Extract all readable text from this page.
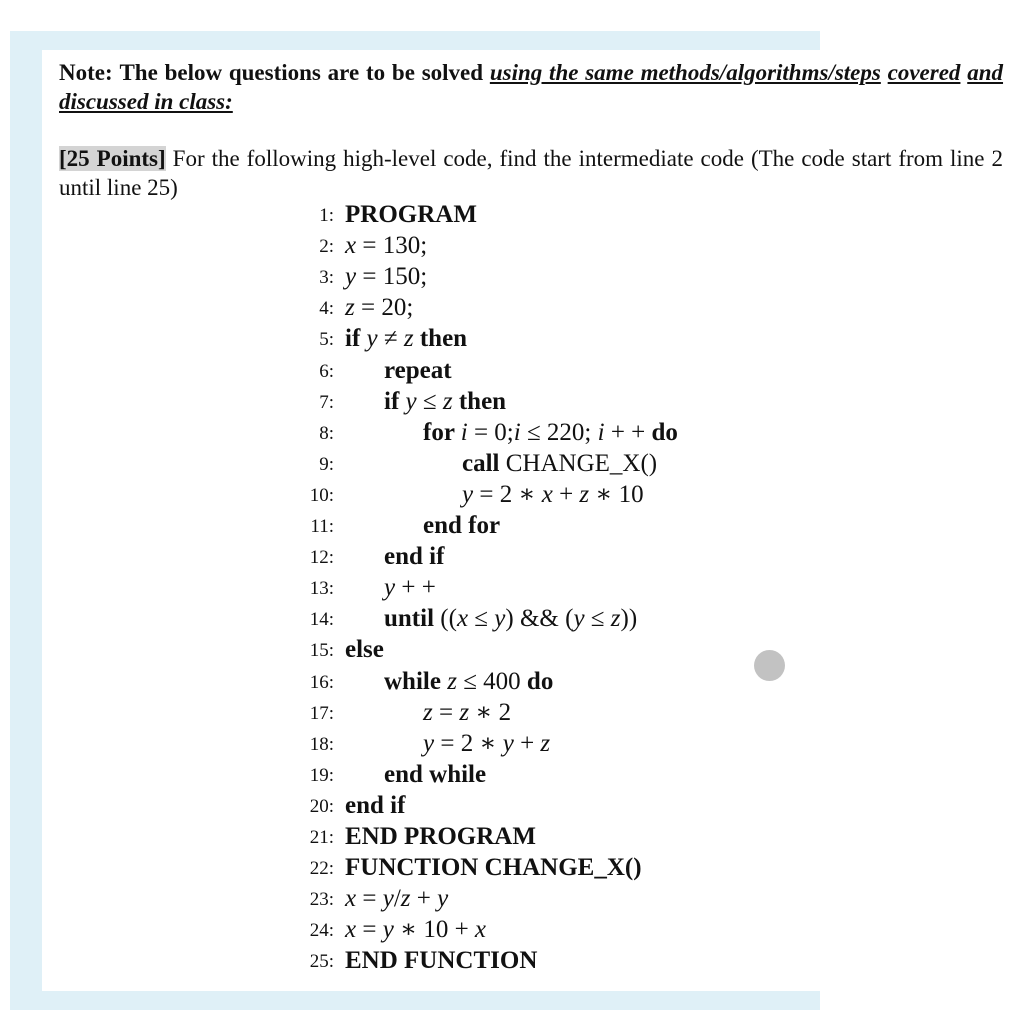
Note: The below questions are to be solved using the same methods/algorithms/steps covered and discussed in class:
[25 Points] For the following high-level code, find the intermediate code (The code start from line 2 until line 25)
1: PROGRAM
2: x = 130;
3: y = 150;
4: z = 20;
5: if y ≠ z then
6: repeat
7: if y ≤ z then
8:	for i = 0;i ≤ 220; i + + do
9:	call CHANGE_X()
10:	y = 2 ∗ x + z ∗ 10
11:	end for
12: end if
13: y + +
14: until ((x ≤ y) && (y ≤ z))
15: else
16: while z ≤ 400 do
17:	z = z ∗ 2
18:	y = 2 ∗ y + z
19: end while
20: end if
21: END PROGRAM
22: FUNCTION CHANGE_X()
23: x = y/z + y
24: x = y ∗ 10 + x
25: END FUNCTION
